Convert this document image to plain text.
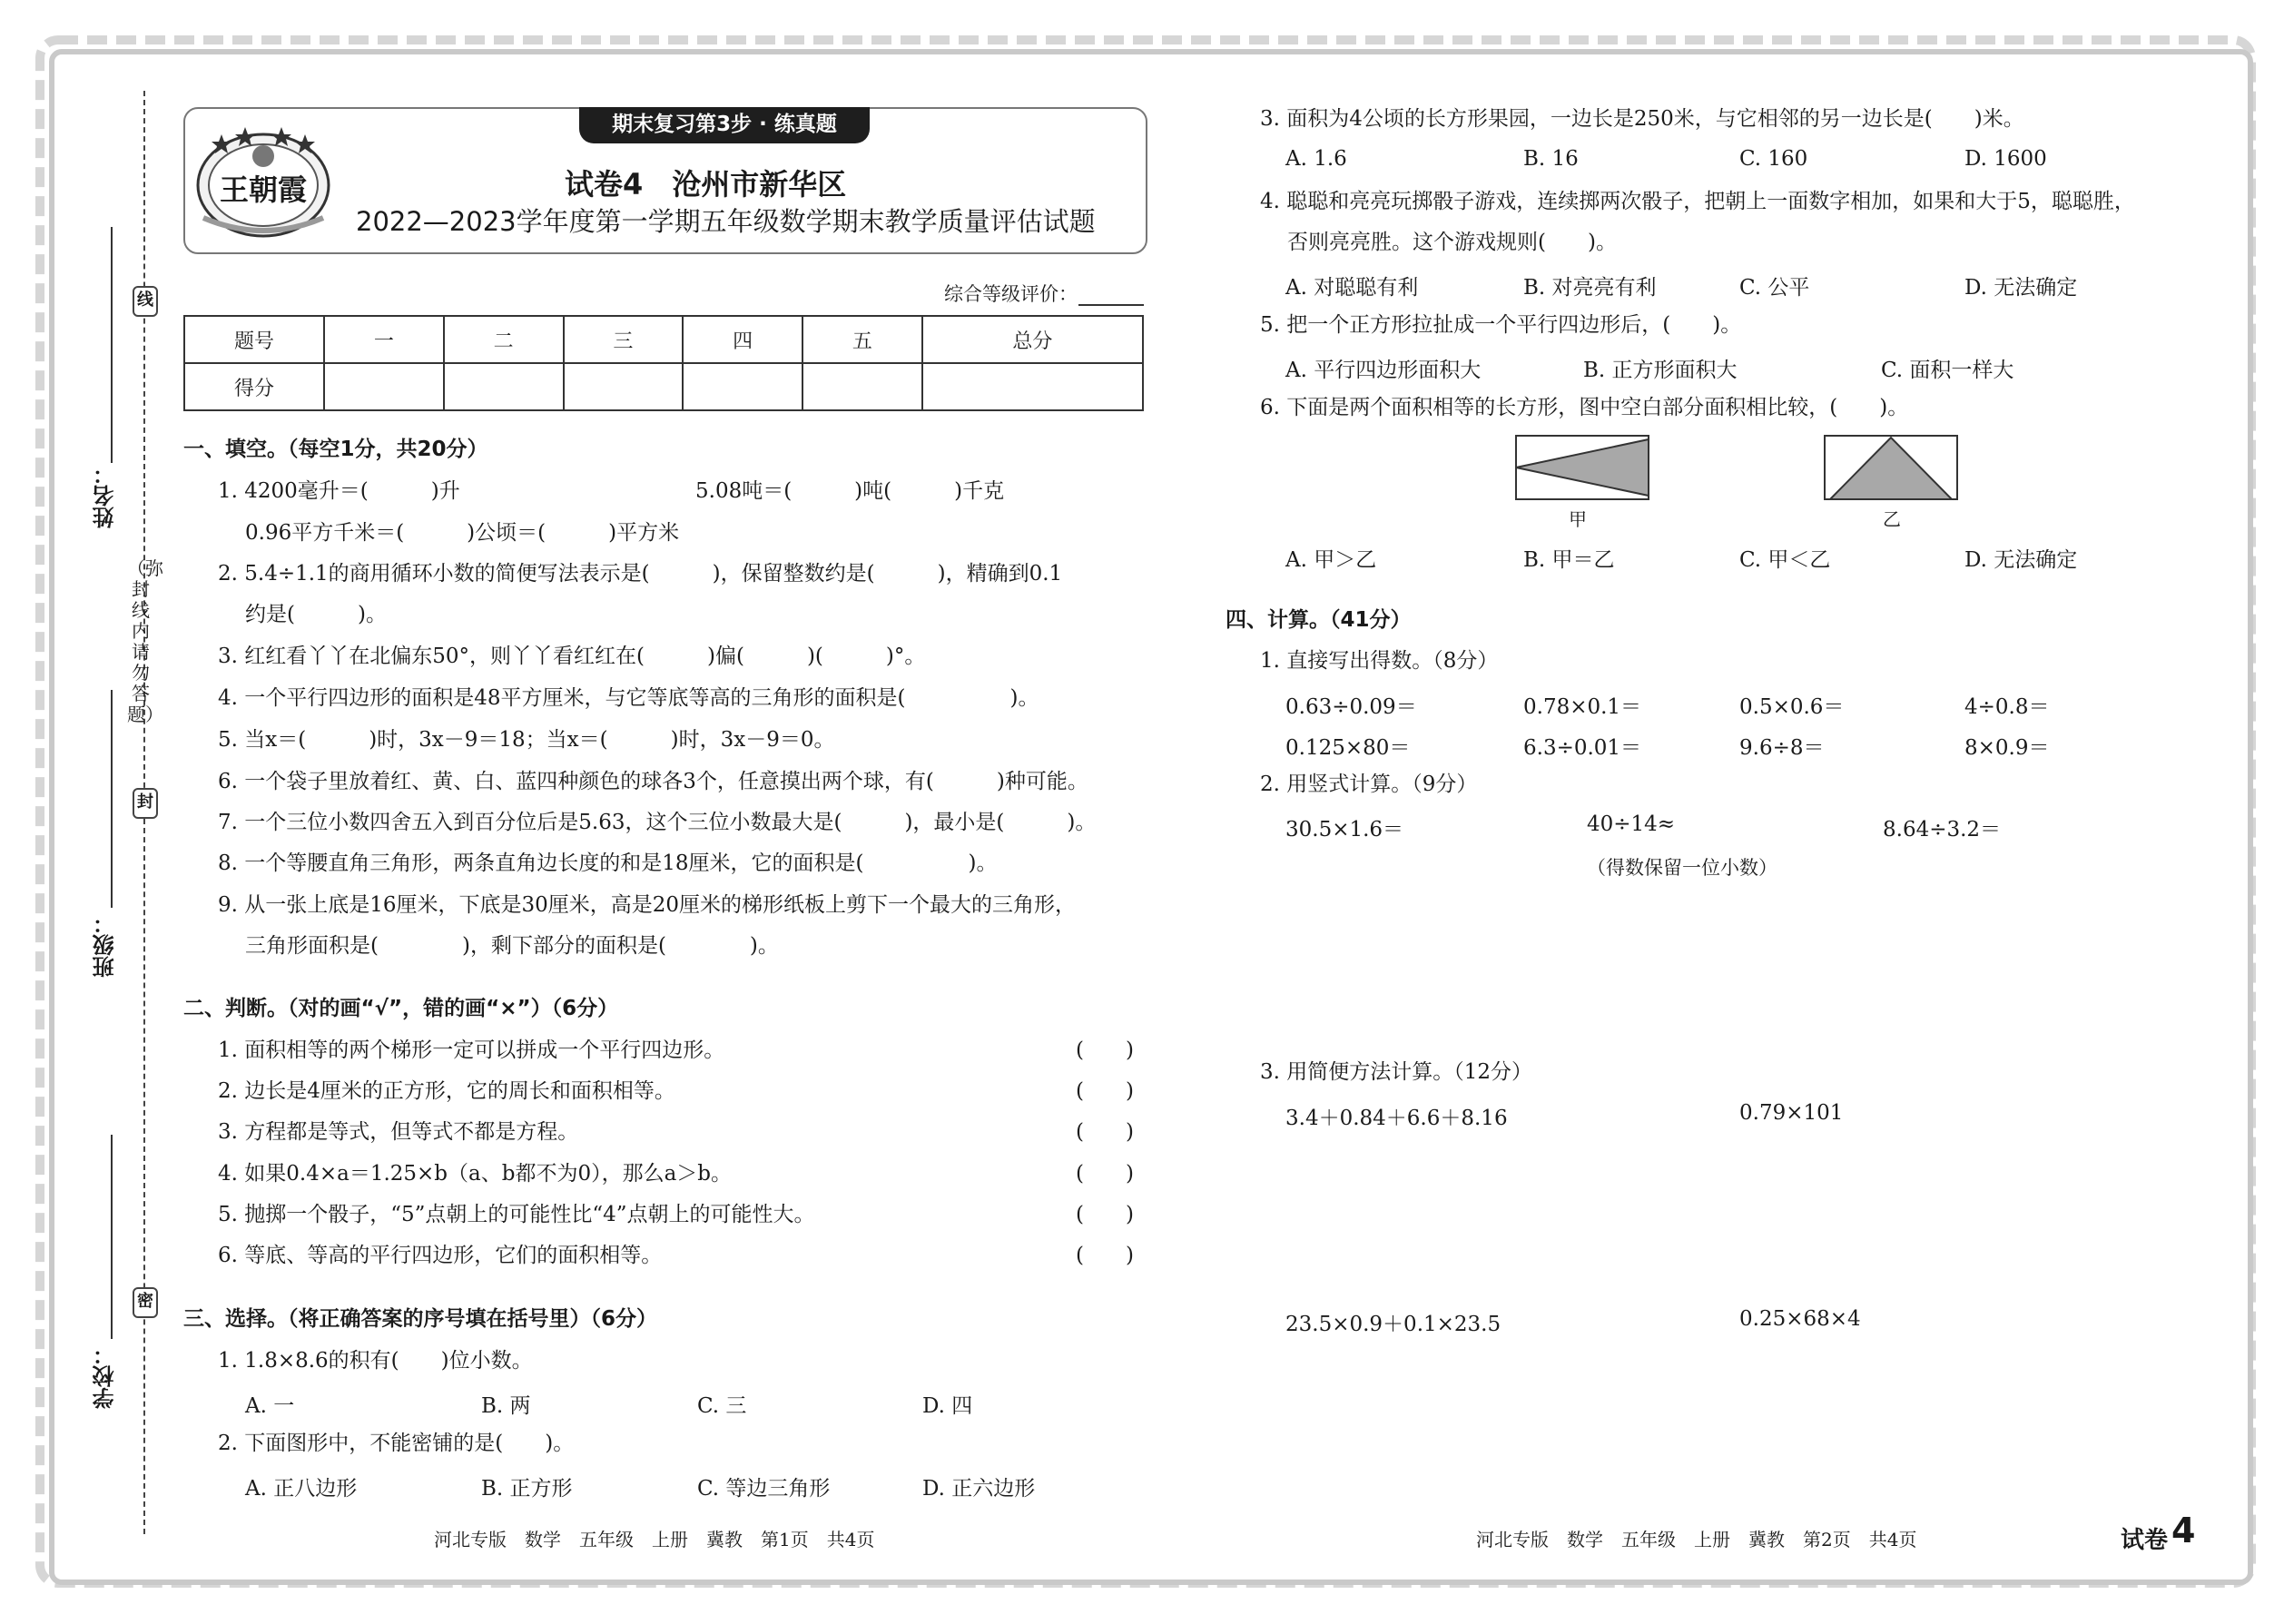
线
封
密
（弥封线内请勿答题）
姓名：
班级：
学校：
期末复习第3步 · 练真题
王朝霞	试卷4　沧州市新华区
2022—2023学年度第一学期五年级数学期末教学质量评估试题
综合等级评价：
题号	一	二	三	四	五	总分
得分						
一、填空。（每空1分，共20分）
1. 4200毫升＝(　　　)升	5.08吨＝(　　　)吨(　　　)千克
0.96平方千米＝(　　　)公顷＝(　　　)平方米
2. 5.4÷1.1的商用循环小数的简便写法表示是(　　　)，保留整数约是(　　　)，精确到0.1
约是(　　　)。
3. 红红看丫丫在北偏东50°，则丫丫看红红在(　　　)偏(　　　)(　　　)°。
4. 一个平行四边形的面积是48平方厘米，与它等底等高的三角形的面积是(　　　　　)。
5. 当x＝(　　　)时，3x－9＝18；当x＝(　　　)时，3x－9＝0。
6. 一个袋子里放着红、黄、白、蓝四种颜色的球各3个，任意摸出两个球，有(　　　)种可能。
7. 一个三位小数四舍五入到百分位后是5.63，这个三位小数最大是(　　　)，最小是(　　　)。
8. 一个等腰直角三角形，两条直角边长度的和是18厘米，它的面积是(　　　　　)。
9. 从一张上底是16厘米，下底是30厘米，高是20厘米的梯形纸板上剪下一个最大的三角形，
三角形面积是(　　　　)，剩下部分的面积是(　　　　)。
二、判断。（对的画“√”，错的画“×”）（6分）
1. 面积相等的两个梯形一定可以拼成一个平行四边形。	(　　)
2. 边长是4厘米的正方形，它的周长和面积相等。	(　　)
3. 方程都是等式，但等式不都是方程。	(　　)
4. 如果0.4×a＝1.25×b（a、b都不为0），那么a＞b。	(　　)
5. 抛掷一个骰子，“5”点朝上的可能性比“4”点朝上的可能性大。	(　　)
6. 等底、等高的平行四边形，它们的面积相等。	(　　)
三、选择。（将正确答案的序号填在括号里）（6分）
1. 1.8×8.6的积有(　　)位小数。
A. 一	B. 两	C. 三	D. 四
2. 下面图形中，不能密铺的是(　　)。
A. 正八边形	B. 正方形	C. 等边三角形	D. 正六边形
3. 面积为4公顷的长方形果园，一边长是250米，与它相邻的另一边长是(　　)米。
A. 1.6	B. 16	C. 160	D. 1600
4. 聪聪和亮亮玩掷骰子游戏，连续掷两次骰子，把朝上一面数字相加，如果和大于5，聪聪胜，
否则亮亮胜。这个游戏规则(　　)。
A. 对聪聪有利	B. 对亮亮有利	C. 公平	D. 无法确定
5. 把一个正方形拉扯成一个平行四边形后，(　　)。
A. 平行四边形面积大	B. 正方形面积大	C. 面积一样大
6. 下面是两个面积相等的长方形，图中空白部分面积相比较，(　　)。
甲	乙
A. 甲＞乙	B. 甲＝乙	C. 甲＜乙	D. 无法确定
四、计算。（41分）
1. 直接写出得数。（8分）
0.63÷0.09＝	0.78×0.1＝	0.5×0.6＝	4÷0.8＝
0.125×80＝	6.3÷0.01＝	9.6÷8＝	8×0.9＝
2. 用竖式计算。（9分）
30.5×1.6＝	40÷14≈	8.64÷3.2＝
（得数保留一位小数）
3. 用简便方法计算。（12分）
3.4＋0.84＋6.6＋8.16	0.79×101
23.5×0.9＋0.1×23.5	0.25×68×4
河北专版　数学　五年级　上册　冀教　第1页　共4页	河北专版　数学　五年级　上册　冀教　第2页　共4页	试卷 4
